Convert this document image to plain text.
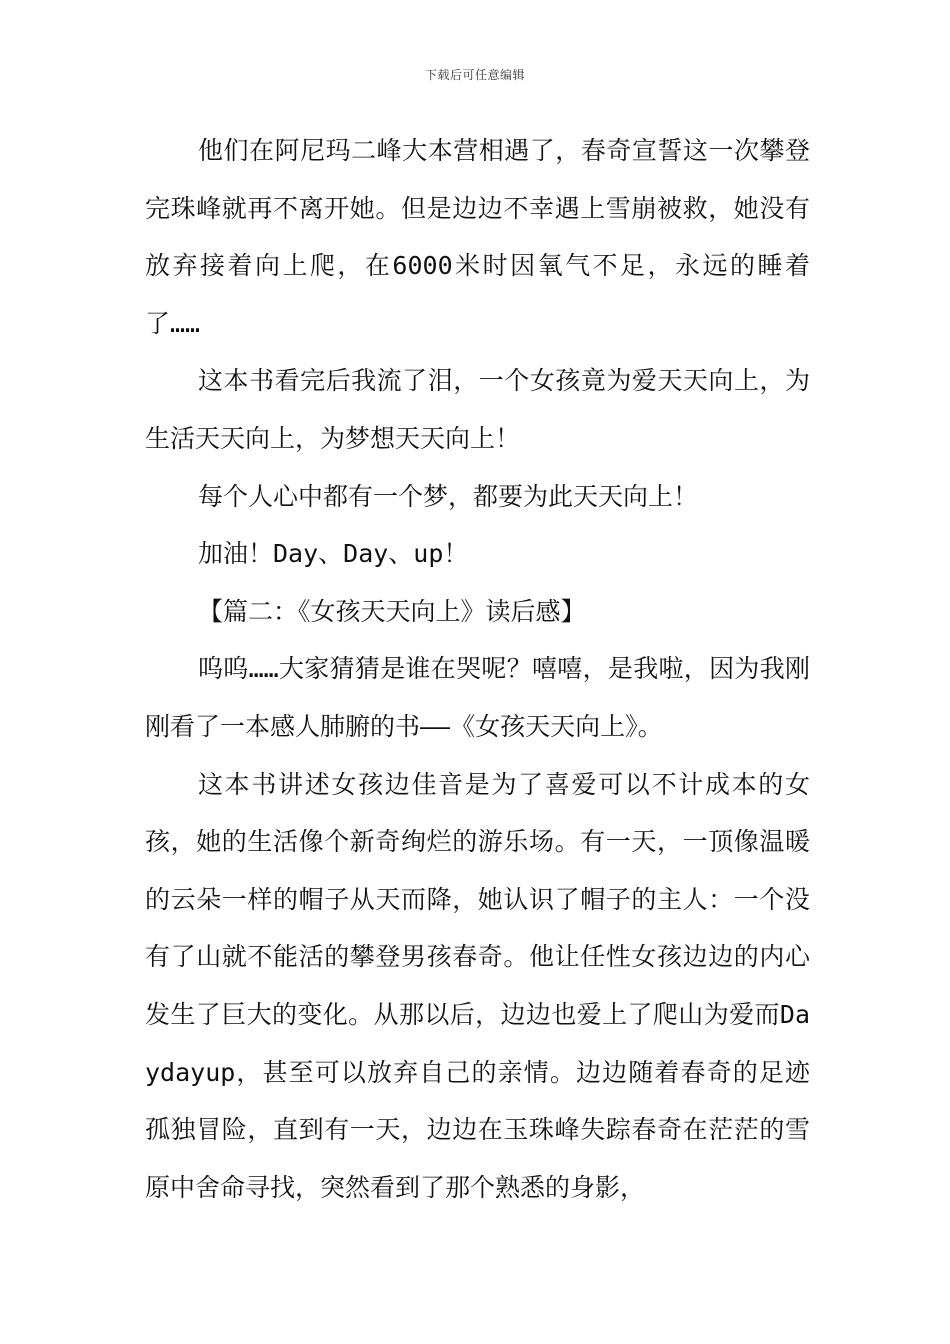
下载后可任意编辑

他们在阿尼玛二峰大本营相遇了，春奇宣誓这一次攀登完珠峰就再不离开她。但是边边不幸遇上雪崩被救，她没有放弃接着向上爬，在6000米时因氧气不足，永远的睡着了……

这本书看完后我流了泪，一个女孩竟为爱天天向上，为生活天天向上，为梦想天天向上！

每个人心中都有一个梦，都要为此天天向上！

加油！Day、Day、up！

【篇二：《女孩天天向上》读后感】

呜呜……大家猜猜是谁在哭呢？嘻嘻，是我啦，因为我刚刚看了一本感人肺腑的书——《女孩天天向上》。

这本书讲述女孩边佳音是为了喜爱可以不计成本的女孩，她的生活像个新奇绚烂的游乐场。有一天，一顶像温暖的云朵一样的帽子从天而降，她认识了帽子的主人：一个没有了山就不能活的攀登男孩春奇。他让任性女孩边边的内心发生了巨大的变化。从那以后，边边也爱上了爬山为爱而Daydayup，甚至可以放弃自己的亲情。边边随着春奇的足迹孤独冒险，直到有一天，边边在玉珠峰失踪春奇在茫茫的雪原中舍命寻找，突然看到了那个熟悉的身影，
